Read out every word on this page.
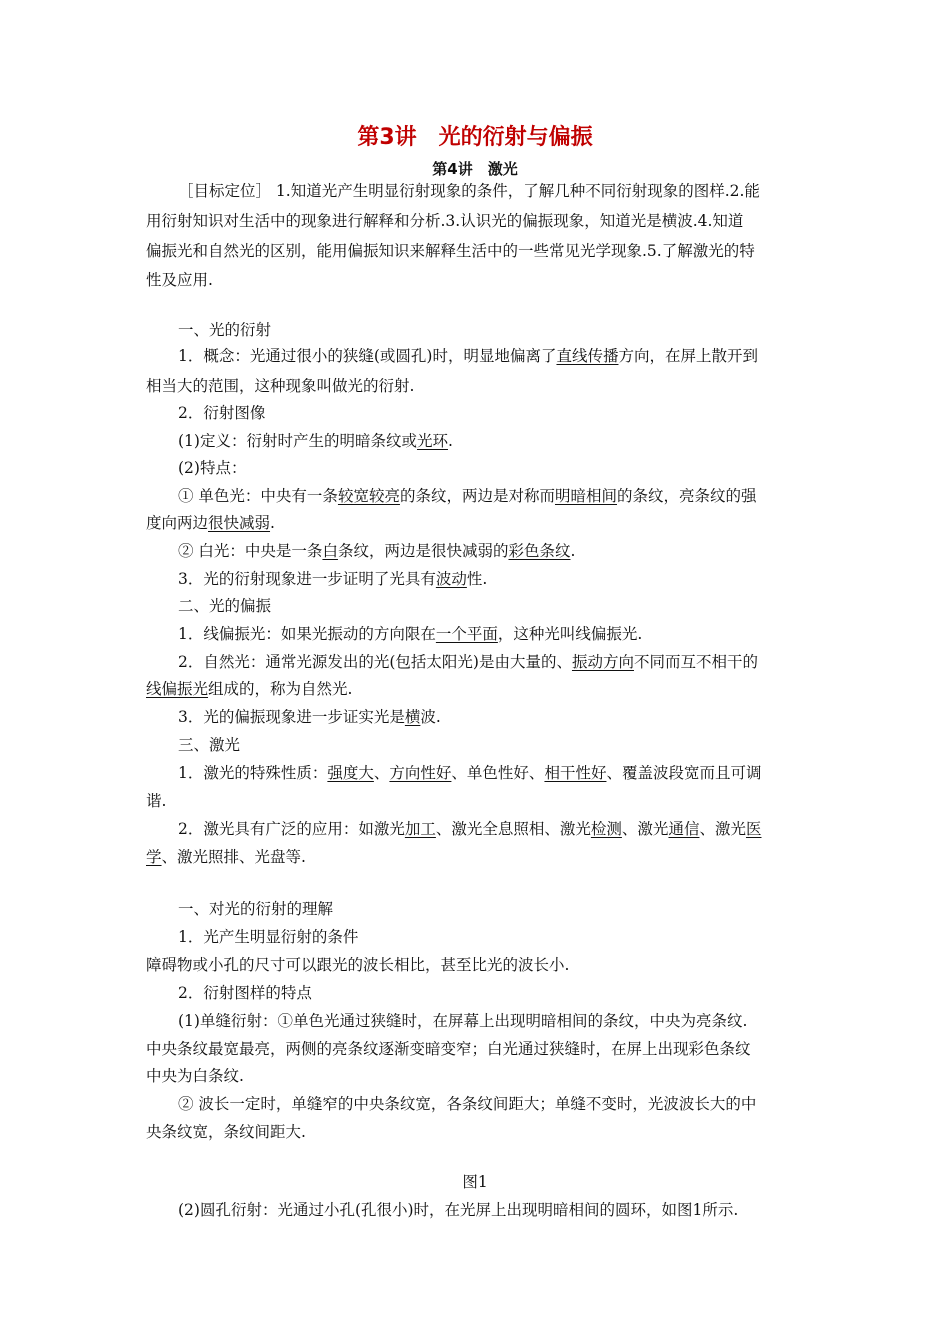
第3讲　光的衍射与偏振
第4讲　激光
［目标定位］ 1.知道光产生明显衍射现象的条件，了解几种不同衍射现象的图样.2.能
用衍射知识对生活中的现象进行解释和分析.3.认识光的偏振现象，知道光是横波.4.知道
偏振光和自然光的区别，能用偏振知识来解释生活中的一些常见光学现象.5.了解激光的特
性及应用.
一、光的衍射
1．概念：光通过很小的狭缝(或圆孔)时，明显地偏离了直线传播方向，在屏上散开到
相当大的范围，这种现象叫做光的衍射.
2．衍射图像
(1)定义：衍射时产生的明暗条纹或光环.
(2)特点：
① 单色光：中央有一条较宽较亮的条纹，两边是对称而明暗相间的条纹，亮条纹的强
度向两边很快减弱.
② 白光：中央是一条白条纹，两边是很快减弱的彩色条纹.
3．光的衍射现象进一步证明了光具有波动性.
二、光的偏振
1．线偏振光：如果光振动的方向限在一个平面，这种光叫线偏振光.
2．自然光：通常光源发出的光(包括太阳光)是由大量的、振动方向不同而互不相干的
线偏振光组成的，称为自然光.
3．光的偏振现象进一步证实光是横波.
三、激光
1．激光的特殊性质：强度大、方向性好、单色性好、相干性好、覆盖波段宽而且可调
谐.
2．激光具有广泛的应用：如激光加工、激光全息照相、激光检测、激光通信、激光医
学、激光照排、光盘等.
一、对光的衍射的理解
1．光产生明显衍射的条件
障碍物或小孔的尺寸可以跟光的波长相比，甚至比光的波长小.
2．衍射图样的特点
(1)单缝衍射：①单色光通过狭缝时，在屏幕上出现明暗相间的条纹，中央为亮条纹.
中央条纹最宽最亮，两侧的亮条纹逐渐变暗变窄；白光通过狭缝时，在屏上出现彩色条纹
中央为白条纹.
② 波长一定时，单缝窄的中央条纹宽，各条纹间距大；单缝不变时，光波波长大的中
央条纹宽，条纹间距大.
图1
(2)圆孔衍射：光通过小孔(孔很小)时，在光屏上出现明暗相间的圆环，如图1所示.
